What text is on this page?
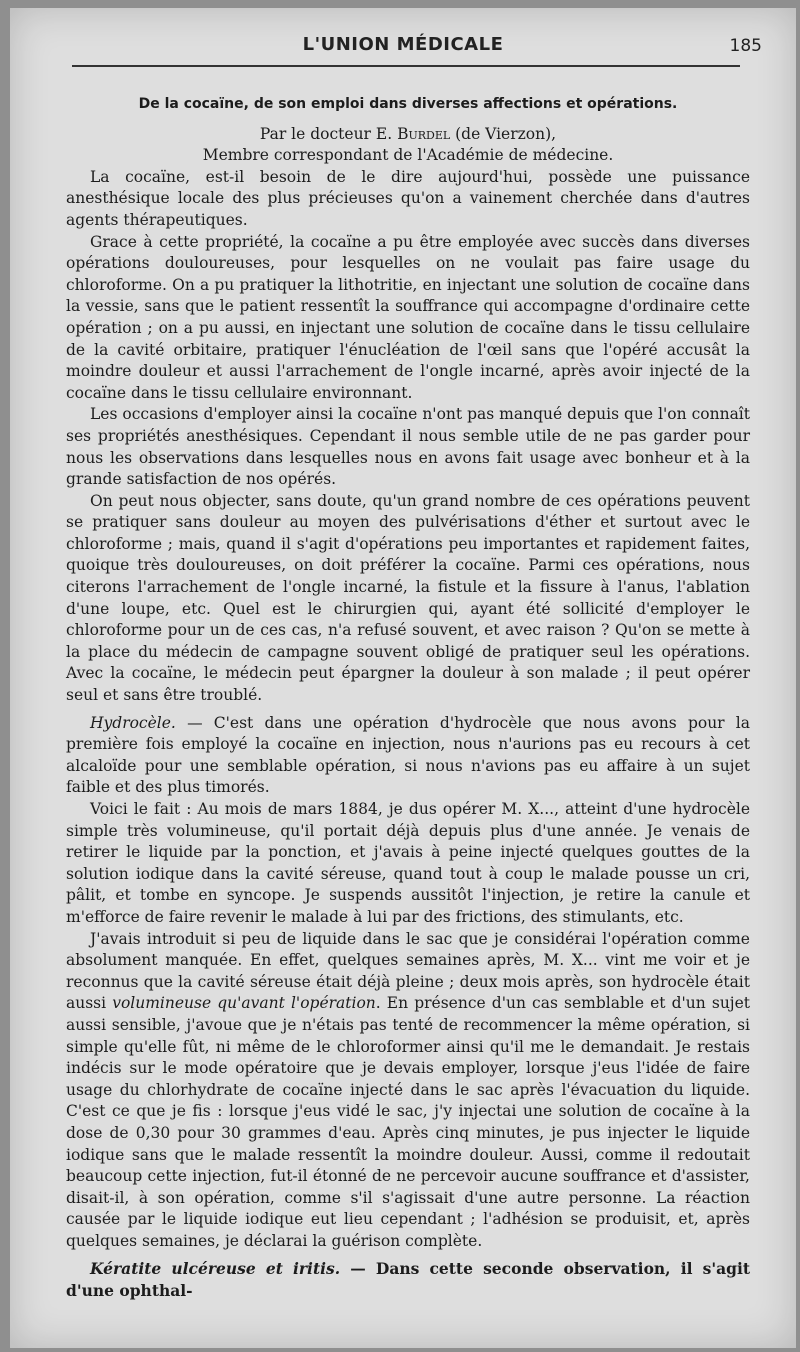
L'UNION MÉDICALE	185
De la cocaïne, de son emploi dans diverses affections et opérations.
Par le docteur E. Burdel (de Vierzon),
Membre correspondant de l'Académie de médecine.

La cocaïne, est-il besoin de le dire aujourd'hui, possède une puissance anesthésique locale des plus précieuses qu'on a vainement cherchée dans d'autres agents thérapeutiques.

Grace à cette propriété, la cocaïne a pu être employée avec succès dans diverses opérations douloureuses, pour lesquelles on ne voulait pas faire usage du chloroforme. On a pu pratiquer la lithotritie, en injectant une solution de cocaïne dans la vessie, sans que le patient ressentît la souffrance qui accompagne d'ordinaire cette opération ; on a pu aussi, en injectant une solution de cocaïne dans le tissu cellulaire de la cavité orbitaire, pratiquer l'énucléation de l'œil sans que l'opéré accusât la moindre douleur et aussi l'arrachement de l'ongle incarné, après avoir injecté de la cocaïne dans le tissu cellulaire environnant.

Les occasions d'employer ainsi la cocaïne n'ont pas manqué depuis que l'on connaît ses propriétés anesthésiques. Cependant il nous semble utile de ne pas garder pour nous les observations dans lesquelles nous en avons fait usage avec bonheur et à la grande satisfaction de nos opérés.

On peut nous objecter, sans doute, qu'un grand nombre de ces opérations peuvent se pratiquer sans douleur au moyen des pulvérisations d'éther et surtout avec le chloroforme ; mais, quand il s'agit d'opérations peu importantes et rapidement faites, quoique très douloureuses, on doit préférer la cocaïne. Parmi ces opérations, nous citerons l'arrachement de l'ongle incarné, la fistule et la fissure à l'anus, l'ablation d'une loupe, etc. Quel est le chirurgien qui, ayant été sollicité d'employer le chloroforme pour un de ces cas, n'a refusé souvent, et avec raison ? Qu'on se mette à la place du médecin de campagne souvent obligé de pratiquer seul les opérations. Avec la cocaïne, le médecin peut épargner la douleur à son malade ; il peut opérer seul et sans être troublé.

Hydrocèle. — C'est dans une opération d'hydrocèle que nous avons pour la première fois employé la cocaïne en injection, nous n'aurions pas eu recours à cet alcaloïde pour une semblable opération, si nous n'avions pas eu affaire à un sujet faible et des plus timorés.

Voici le fait : Au mois de mars 1884, je dus opérer M. X..., atteint d'une hydrocèle simple très volumineuse, qu'il portait déjà depuis plus d'une année. Je venais de retirer le liquide par la ponction, et j'avais à peine injecté quelques gouttes de la solution iodique dans la cavité séreuse, quand tout à coup le malade pousse un cri, pâlit, et tombe en syncope. Je suspends aussitôt l'injection, je retire la canule et m'efforce de faire revenir le malade à lui par des frictions, des stimulants, etc.

J'avais introduit si peu de liquide dans le sac que je considérai l'opération comme absolument manquée. En effet, quelques semaines après, M. X... vint me voir et je reconnus que la cavité séreuse était déjà pleine ; deux mois après, son hydrocèle était aussi volumineuse qu'avant l'opération. En présence d'un cas semblable et d'un sujet aussi sensible, j'avoue que je n'étais pas tenté de recommencer la même opération, si simple qu'elle fût, ni même de le chloroformer ainsi qu'il me le demandait. Je restais indécis sur le mode opératoire que je devais employer, lorsque j'eus l'idée de faire usage du chlorhydrate de cocaïne injecté dans le sac après l'évacuation du liquide. C'est ce que je fis : lorsque j'eus vidé le sac, j'y injectai une solution de cocaïne à la dose de 0,30 pour 30 grammes d'eau. Après cinq minutes, je pus injecter le liquide iodique sans que le malade ressentît la moindre douleur. Aussi, comme il redoutait beaucoup cette injection, fut-il étonné de ne percevoir aucune souffrance et d'assister, disait-il, à son opération, comme s'il s'agissait d'une autre personne. La réaction causée par le liquide iodique eut lieu cependant ; l'adhésion se produisit, et, après quelques semaines, je déclarai la guérison complète.

Kératite ulcéreuse et iritis. — Dans cette seconde observation, il s'agit d'une ophthal-
